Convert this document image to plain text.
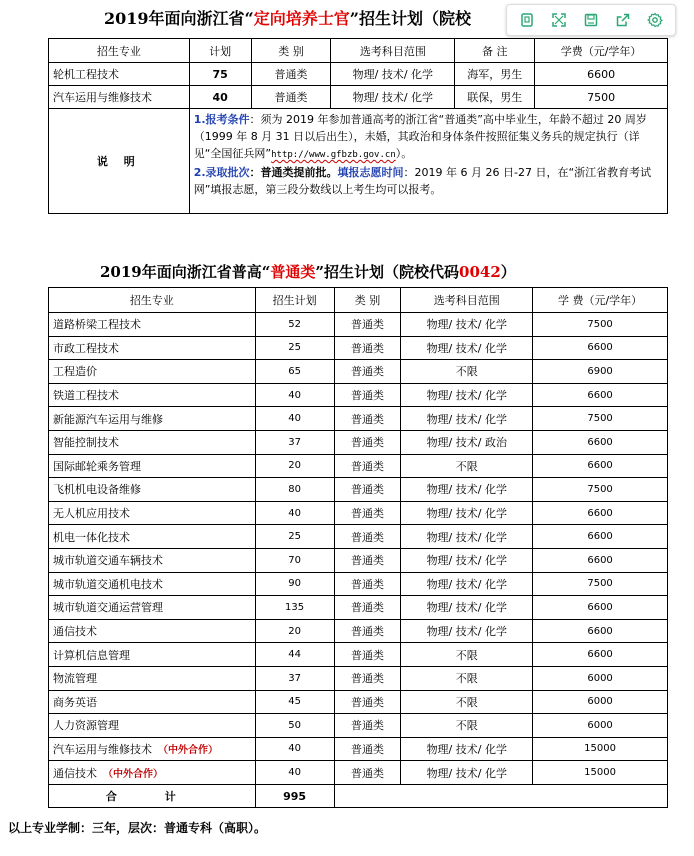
2019年面向浙江省“定向培养士官”招生计划（院校
招生专业	计划	类 别	选考科目范围	备 注	学费（元/学年）
轮机工程技术	75	普通类	物理/ 技术/ 化学	海军，男生	6600
汽车运用与维修技术	40	普通类	物理/ 技术/ 化学	联保，男生	7500
说 明	1.报考条件：须为 2019 年参加普通高考的浙江省“普通类”高中毕业生，年龄不超过 20 周岁（1999 年 8 月 31 日以后出生），未婚，其政治和身体条件按照征集义务兵的规定执行（详见“全国征兵网”http://www.gfbzb.gov.cn）。
2.录取批次：普通类提前批。填报志愿时间：2019 年 6 月 26 日-27 日，在“浙江省教育考试网”填报志愿，第三段分数线以上考生均可以报考。				
2019年面向浙江省普高“普通类”招生计划（院校代码0042）
招生专业	招生计划	类 别	选考科目范围	学 费（元/学年）
道路桥梁工程技术	52	普通类	物理/ 技术/ 化学	7500
市政工程技术	25	普通类	物理/ 技术/ 化学	6600
工程造价	65	普通类	不限	6900
铁道工程技术	40	普通类	物理/ 技术/ 化学	6600
新能源汽车运用与维修	40	普通类	物理/ 技术/ 化学	7500
智能控制技术	37	普通类	物理/ 技术/ 政治	6600
国际邮轮乘务管理	20	普通类	不限	6600
飞机机电设备维修	80	普通类	物理/ 技术/ 化学	7500
无人机应用技术	40	普通类	物理/ 技术/ 化学	6600
机电一体化技术	25	普通类	物理/ 技术/ 化学	6600
城市轨道交通车辆技术	70	普通类	物理/ 技术/ 化学	6600
城市轨道交通机电技术	90	普通类	物理/ 技术/ 化学	7500
城市轨道交通运营管理	135	普通类	物理/ 技术/ 化学	6600
通信技术	20	普通类	物理/ 技术/ 化学	6600
计算机信息管理	44	普通类	不限	6600
物流管理	37	普通类	不限	6000
商务英语	45	普通类	不限	6000
人力资源管理	50	普通类	不限	6000
汽车运用与维修技术 （中外合作）	40	普通类	物理/ 技术/ 化学	15000
通信技术 （中外合作）	40	普通类	物理/ 技术/ 化学	15000
合 计	995			
以上专业学制：三年，层次：普通专科（高职）。
